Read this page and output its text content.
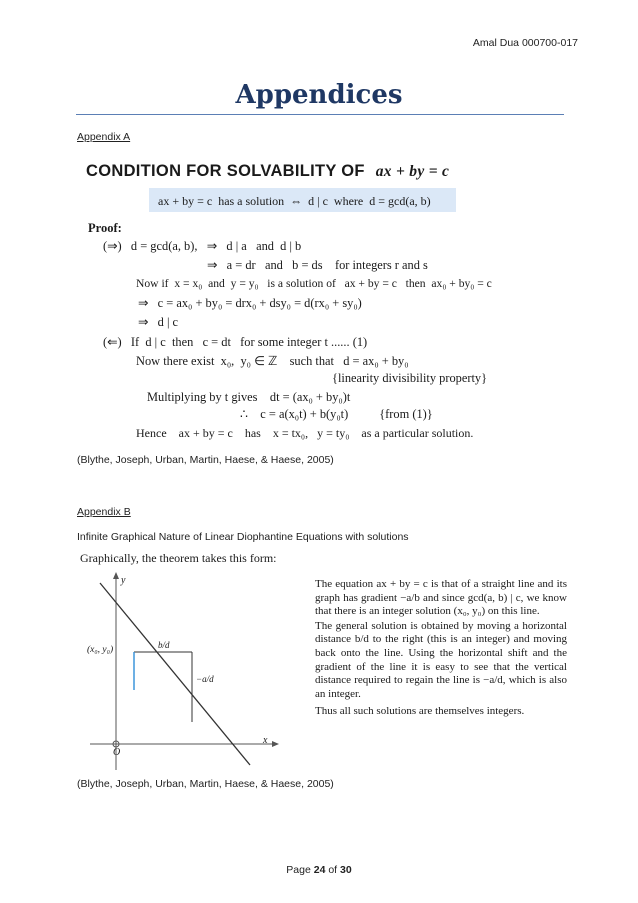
Amal Dua 000700-017
Appendices
Appendix A
CONDITION FOR SOLVABILITY OF ax + by = c
ax + by = c  has a solution  ⇔  d | c  where  d = gcd(a, b)
Proof:
(⇒)   d = gcd(a, b),   ⇒   d | a   and  d | b
⇒   a = dr   and   b = ds    for integers r and s
Now if  x = x₀  and  y = y₀   is a solution of   ax + by = c   then  ax₀ + by₀ = c
⇒   c = ax₀ + by₀ = drx₀ + dsy₀ = d(rx₀ + sy₀)
⇒   d | c
(⇐)   If  d | c  then   c = dt   for some integer t ...... (1)
Now there exist  x₀,  y₀ ∈ ℤ    such that   d = ax₀ + by₀
{linearity divisibility property}
Multiplying by t gives    dt = (ax₀ + by₀)t
∴    c = a(x₀t) + b(y₀t)          {from (1)}
Hence    ax + by = c    has    x = tx₀,   y = ty₀    as a particular solution.
(Blythe, Joseph, Urban, Martin, Haese, & Haese, 2005)
Appendix B
Infinite Graphical Nature of Linear Diophantine Equations with solutions
Graphically, the theorem takes this form:
y
x
O
(x₀, y₀)	b/d
−a/d
The equation ax + by = c is that of a straight line and its graph has gradient −a/b and since gcd(a, b) | c, we know that there is an integer solution (x₀, y₀) on this line.
The general solution is obtained by moving a horizontal distance b/d to the right (this is an integer) and moving back onto the line. Using the horizontal shift and the gradient of the line it is easy to see that the vertical distance required to regain the line is −a/d, which is also an integer.
Thus all such solutions are themselves integers.
(Blythe, Joseph, Urban, Martin, Haese, & Haese, 2005)
Page 24 of 30
